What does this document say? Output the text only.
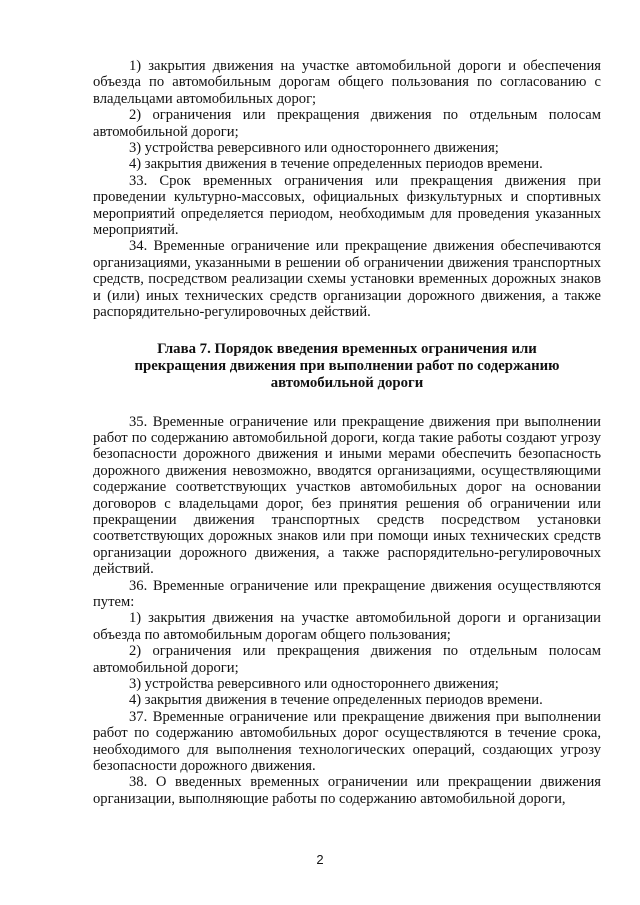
1) закрытия движения на участке автомобильной дороги и обеспечения объезда по автомобильным дорогам общего пользования по согласованию с владельцами автомобильных дорог;

2) ограничения или прекращения движения по отдельным полосам автомобильной дороги;

3) устройства реверсивного или одностороннего движения;

4) закрытия движения в течение определенных периодов времени.

33. Срок временных ограничения или прекращения движения при проведении культурно-массовых, официальных физкультурных и спортивных мероприятий определяется периодом, необходимым для проведения указанных мероприятий.

34. Временные ограничение или прекращение движения обеспечиваются организациями, указанными в решении об ограничении движения транспортных средств, посредством реализации схемы установки временных дорожных знаков и (или) иных технических средств организации дорожного движения, а также распорядительно-регулировочных действий.

Глава 7. Порядок введения временных ограничения или
прекращения движения при выполнении работ по содержанию
автомобильной дороги

35. Временные ограничение или прекращение движения при выполнении работ по содержанию автомобильной дороги, когда такие работы создают угрозу безопасности дорожного движения и иными мерами обеспечить безопасность дорожного движения невозможно, вводятся организациями, осуществляющими содержание соответствующих участков автомобильных дорог на основании договоров с владельцами дорог, без принятия решения об ограничении или прекращении движения транспортных средств посредством установки соответствующих дорожных знаков или при помощи иных технических средств организации дорожного движения, а также распорядительно-регулировочных действий.

36. Временные ограничение или прекращение движения осуществляются путем:

1) закрытия движения на участке автомобильной дороги и организации объезда по автомобильным дорогам общего пользования;

2) ограничения или прекращения движения по отдельным полосам автомобильной дороги;

3) устройства реверсивного или одностороннего движения;

4) закрытия движения в течение определенных периодов времени.

37. Временные ограничение или прекращение движения при выполнении работ по содержанию автомобильных дорог осуществляются в течение срока, необходимого для выполнения технологических операций, создающих угрозу безопасности дорожного движения.

38. О введенных временных ограничении или прекращении движения организации, выполняющие работы по содержанию автомобильной дороги,

2
